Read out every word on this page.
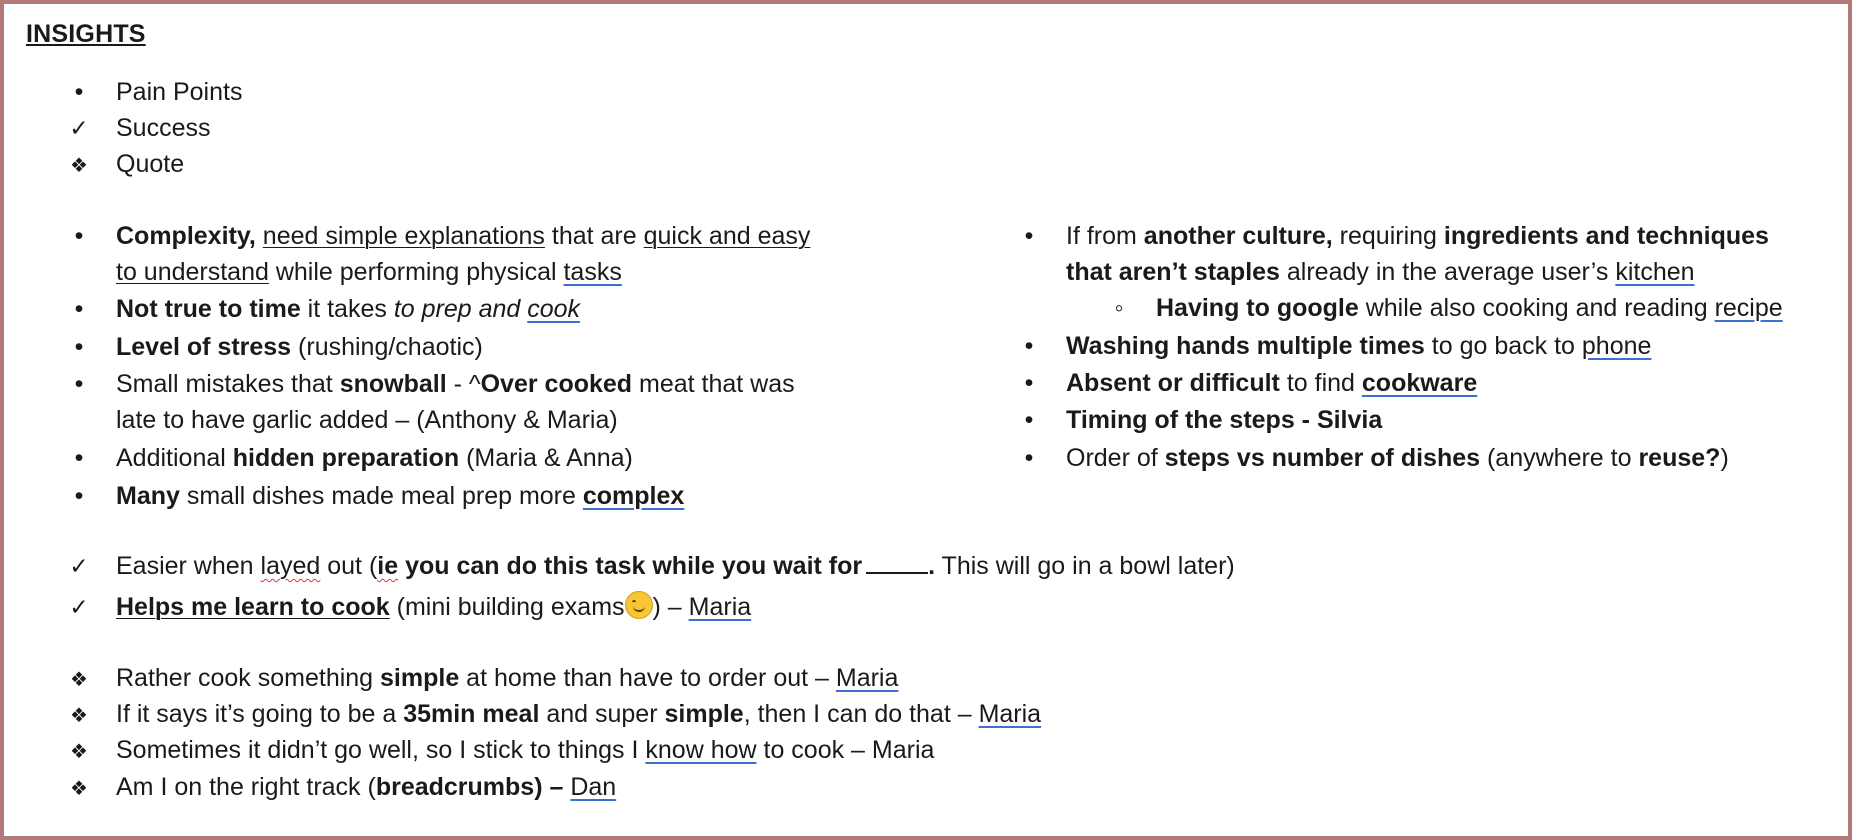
INSIGHTS
•
Pain Points
✓
Success
❖
Quote
•
Complexity, need simple explanations that are quick and easy
to understand while performing physical tasks
•
Not true to time it takes to prep and cook
•
Level of stress (rushing/chaotic)
•
Small mistakes that snowball - ^Over cooked meat that was
late to have garlic added – (Anthony & Maria)
•
Additional hidden preparation (Maria & Anna)
•
Many small dishes made meal prep more complex
•
If from another culture, requiring ingredients and techniques
that aren’t staples already in the average user’s kitchen
◦
Having to google while also cooking and reading recipe
•
Washing hands multiple times to go back to phone
•
Absent or difficult to find cookware
•
Timing of the steps - Silvia
•
Order of steps vs number of dishes (anywhere to reuse?)
✓
Easier when layed out (ie you can do this task while you wait for	. This will go in a bowl later)
✓
Helps me learn to cook (mini building exams ) – Maria
❖
Rather cook something simple at home than have to order out – Maria
❖
If it says it’s going to be a 35min meal and super simple, then I can do that – Maria
❖
Sometimes it didn’t go well, so I stick to things I know how to cook – Maria
❖
Am I on the right track (breadcrumbs) – Dan
